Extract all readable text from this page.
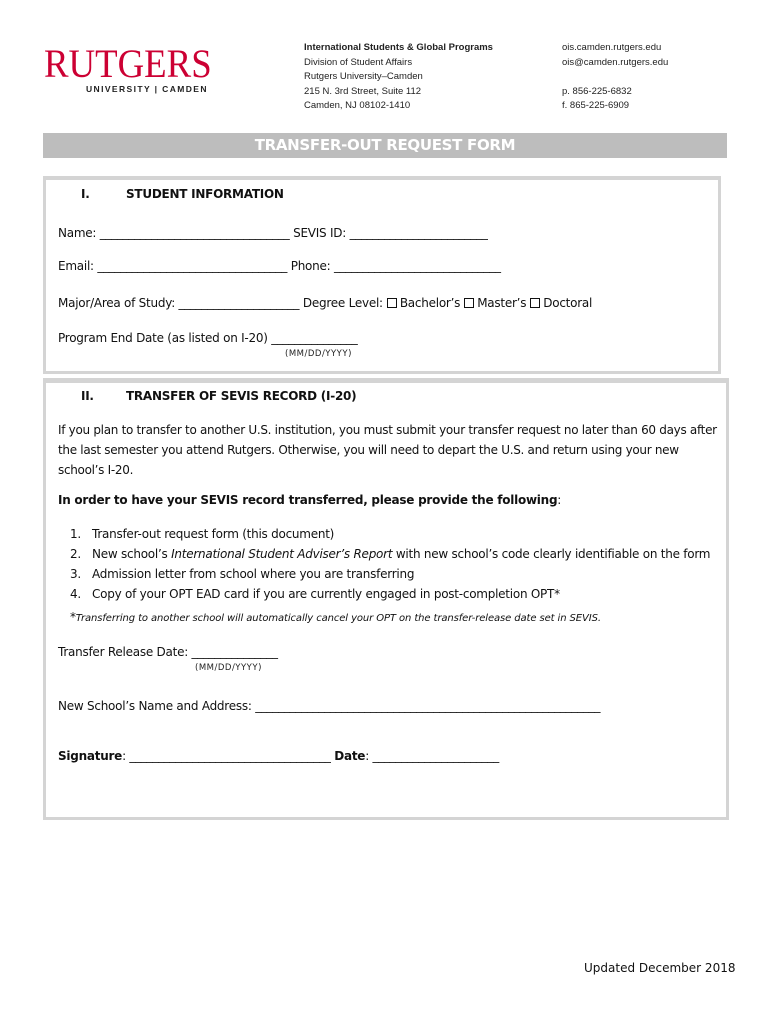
RUTGERS
UNIVERSITY | CAMDEN
International Students & Global Programs
Division of Student Affairs
Rutgers University–Camden
215 N. 3rd Street, Suite 112
Camden, NJ 08102-1410
ois.camden.rutgers.edu
ois@camden.rutgers.edu
p. 856-225-6832
f. 865-225-6909
TRANSFER-OUT REQUEST FORM
I.	STUDENT INFORMATION
Name: _________________________________ SEVIS ID: ________________________
Email: _________________________________ Phone: _____________________________
Major/Area of Study: _____________________ Degree Level: Bachelor’s Master’s Doctoral
Program End Date (as listed on I-20) _______________
(MM/DD/YYYY)
II.	TRANSFER OF SEVIS RECORD (I-20)
If you plan to transfer to another U.S. institution, you must submit your transfer request no later than 60 days after
the last semester you attend Rutgers. Otherwise, you will need to depart the U.S. and return using your new
school’s I-20.
In order to have your SEVIS record transferred, please provide the following:
1. Transfer-out request form (this document)
2. New school’s International Student Adviser’s Report with new school’s code clearly identifiable on the form
3. Admission letter from school where you are transferring
4. Copy of your OPT EAD card if you are currently engaged in post-completion OPT*
*Transferring to another school will automatically cancel your OPT on the transfer-release date set in SEVIS.
Transfer Release Date: _______________
(MM/DD/YYYY)
New School’s Name and Address: ____________________________________________________________
Signature: ___________________________________ Date: ______________________
Updated December 2018
